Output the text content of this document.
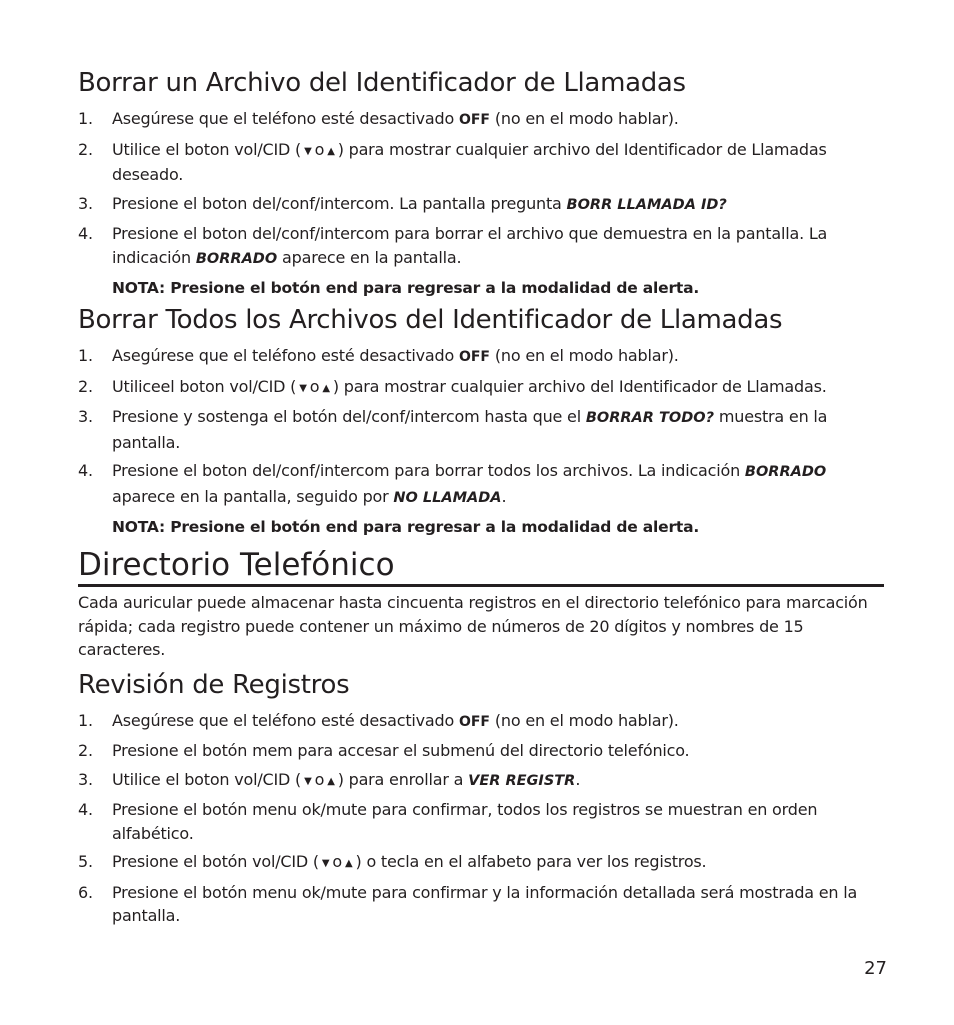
Borrar un Archivo del Identificador de Llamadas
1.	Asegúrese que el teléfono esté desactivado OFF (no en el modo hablar).
2.	Utilice el boton vol/CID ( ▼ o ▲ ) para mostrar cualquier archivo del Identificador de Llamadas deseado.
3.	Presione el boton del/conf/intercom. La pantalla pregunta BORR LLAMADA ID?
4.	Presione el boton del/conf/intercom para borrar el archivo que demuestra en la pantalla. La indicación BORRADO aparece en la pantalla.

NOTA: Presione el botón end para regresar a la modalidad de alerta.

Borrar Todos los Archivos del Identificador de Llamadas
1.	Asegúrese que el teléfono esté desactivado OFF (no en el modo hablar).
2.	Utiliceel boton vol/CID ( ▼ o ▲ ) para mostrar cualquier archivo del Identificador de Llamadas.
3.	Presione y sostenga el botón del/conf/intercom hasta que el BORRAR TODO? muestra en la pantalla.
4.	Presione el boton del/conf/intercom para borrar todos los archivos. La indicación BORRADO aparece en la pantalla, seguido por NO LLAMADA.

NOTA: Presione el botón end para regresar a la modalidad de alerta.

Directorio Telefónico

Cada auricular puede almacenar hasta cincuenta registros en el directorio telefónico para marcación rápida; cada registro puede contener un máximo de números de 20 dígitos y nombres de 15 caracteres.

Revisión de Registros
1.	Asegúrese que el teléfono esté desactivado OFF (no en el modo hablar).
2.	Presione el botón mem para accesar el submenú del directorio telefónico.
3.	Utilice el boton vol/CID ( ▼ o ▲ ) para enrollar a VER REGISTR.
4.	Presione el botón menu ok/mute para confirmar, todos los registros se muestran en orden alfabético.
5.	Presione el botón vol/CID ( ▼ o ▲ ) o tecla en el alfabeto para ver los registros.
6.	Presione el botón menu ok/mute para confirmar y la información detallada será mostrada en la pantalla.
27
